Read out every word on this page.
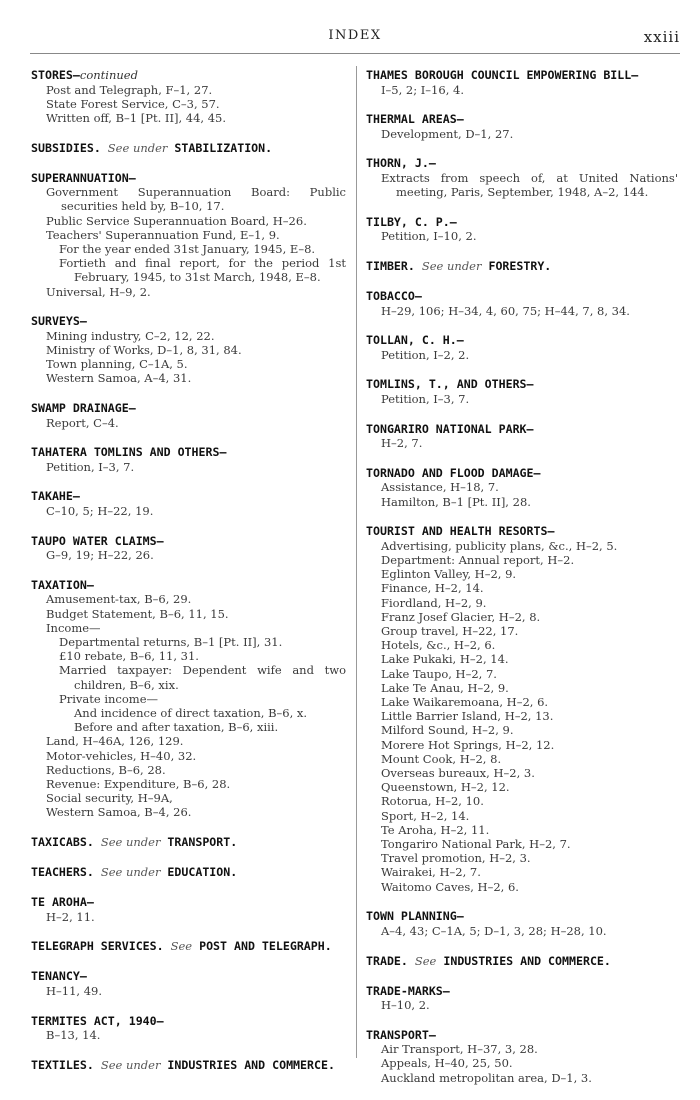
INDEX	xxiii
STORES—continued
Post and Telegraph, F–1, 27.
State Forest Service, C–3, 57.
Written off, B–1 [Pt. II], 44, 45.
SUBSIDIES. See under STABILIZATION.
SUPERANNUATION—
Government Superannuation Board: Public securities held by, B–10, 17.
Public Service Superannuation Board, H–26.
Teachers' Superannuation Fund, E–1, 9.
For the year ended 31st January, 1945, E–8.
Fortieth and final report, for the period 1st February, 1945, to 31st March, 1948, E–8.
Universal, H–9, 2.
SURVEYS—
Mining industry, C–2, 12, 22.
Ministry of Works, D–1, 8, 31, 84.
Town planning, C–1A, 5.
Western Samoa, A–4, 31.
SWAMP DRAINAGE—
Report, C–4.
TAHATERA TOMLINS AND OTHERS—
Petition, I–3, 7.
TAKAHE—
C–10, 5; H–22, 19.
TAUPO WATER CLAIMS—
G–9, 19; H–22, 26.
TAXATION—
Amusement-tax, B–6, 29.
Budget Statement, B–6, 11, 15.
Income—
Departmental returns, B–1 [Pt. II], 31.
£10 rebate, B–6, 11, 31.
Married taxpayer: Dependent wife and two children, B–6, xix.
Private income—
And incidence of direct taxation, B–6, x.
Before and after taxation, B–6, xiii.
Land, H–46A, 126, 129.
Motor-vehicles, H–40, 32.
Reductions, B–6, 28.
Revenue: Expenditure, B–6, 28.
Social security, H–9A,
Western Samoa, B–4, 26.
TAXICABS. See under TRANSPORT.
TEACHERS. See under EDUCATION.
TE AROHA—
H–2, 11.
TELEGRAPH SERVICES. See POST AND TELEGRAPH.
TENANCY—
H–11, 49.
TERMITES ACT, 1940—
B–13, 14.
TEXTILES. See under INDUSTRIES AND COMMERCE.
THAMES BOROUGH COUNCIL EMPOWERING BILL—
I–5, 2; I–16, 4.
THERMAL AREAS—
Development, D–1, 27.
THORN, J.—
Extracts from speech of, at United Nations' meeting, Paris, September, 1948, A–2, 144.
TILBY, C. P.—
Petition, I–10, 2.
TIMBER. See under FORESTRY.
TOBACCO—
H–29, 106; H–34, 4, 60, 75; H–44, 7, 8, 34.
TOLLAN, C. H.—
Petition, I–2, 2.
TOMLINS, T., AND OTHERS—
Petition, I–3, 7.
TONGARIRO NATIONAL PARK—
H–2, 7.
TORNADO AND FLOOD DAMAGE—
Assistance, H–18, 7.
Hamilton, B–1 [Pt. II], 28.
TOURIST AND HEALTH RESORTS—
Advertising, publicity plans, &c., H–2, 5.
Department: Annual report, H–2.
Eglinton Valley, H–2, 9.
Finance, H–2, 14.
Fiordland, H–2, 9.
Franz Josef Glacier, H–2, 8.
Group travel, H–22, 17.
Hotels, &c., H–2, 6.
Lake Pukaki, H–2, 14.
Lake Taupo, H–2, 7.
Lake Te Anau, H–2, 9.
Lake Waikaremoana, H–2, 6.
Little Barrier Island, H–2, 13.
Milford Sound, H–2, 9.
Morere Hot Springs, H–2, 12.
Mount Cook, H–2, 8.
Overseas bureaux, H–2, 3.
Queenstown, H–2, 12.
Rotorua, H–2, 10.
Sport, H–2, 14.
Te Aroha, H–2, 11.
Tongariro National Park, H–2, 7.
Travel promotion, H–2, 3.
Wairakei, H–2, 7.
Waitomo Caves, H–2, 6.
TOWN PLANNING—
A–4, 43; C–1A, 5; D–1, 3, 28; H–28, 10.
TRADE. See INDUSTRIES AND COMMERCE.
TRADE-MARKS—
H–10, 2.
TRANSPORT—
Air Transport, H–37, 3, 28.
Appeals, H–40, 25, 50.
Auckland metropolitan area, D–1, 3.
